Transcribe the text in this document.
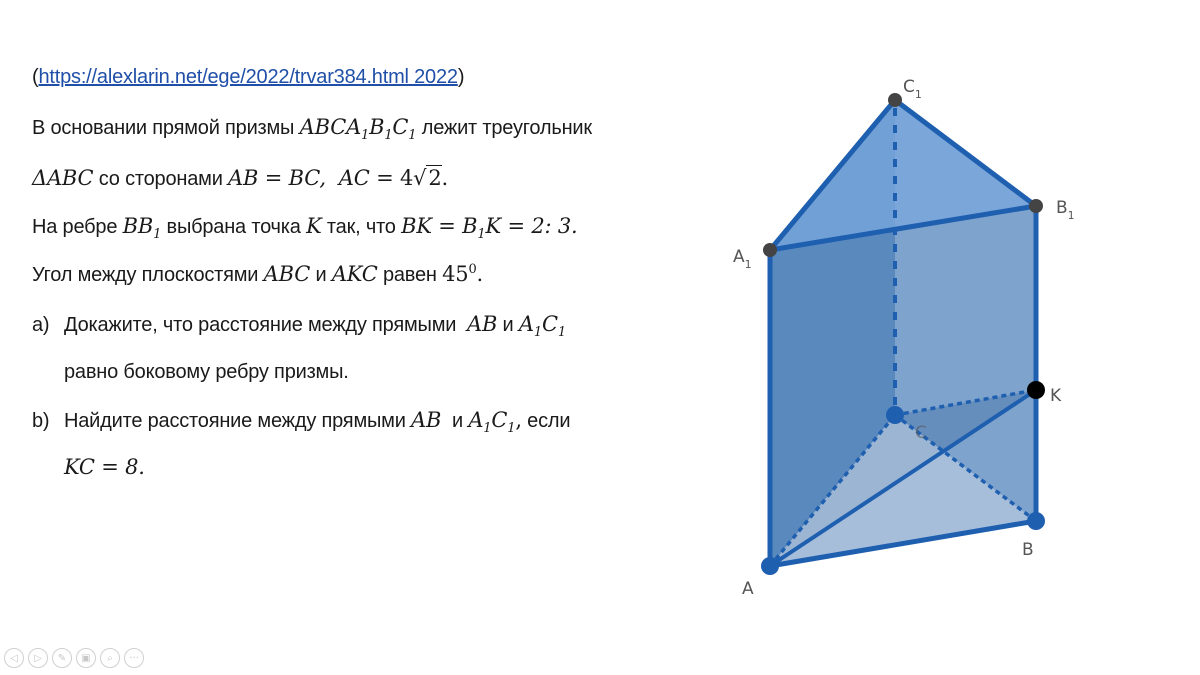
(https://alexlarin.net/ege/2022/trvar384.html 2022)
В основании прямой призмы $ABCA_1B_1C_1$ лежит треугольник
ΔABC со сторонами AB = BC,  AC = 4√2.
На ребре $BB_1$ выбрана точка K так, что BK = $B_1K = 2$: 3.
Угол между плоскостями ABC и AKC равен $45^0$.
a) Докажите, что расстояние между прямыми AB и $A_1C_1$
равно боковому ребру призмы.
b) Найдите расстояние между прямыми AB и $A_1C_1$, если
KC = 8.
$C_1$
$B_1$
$A_1$
K
C
B
A
◁	▷	✎	▣	⌕	···
